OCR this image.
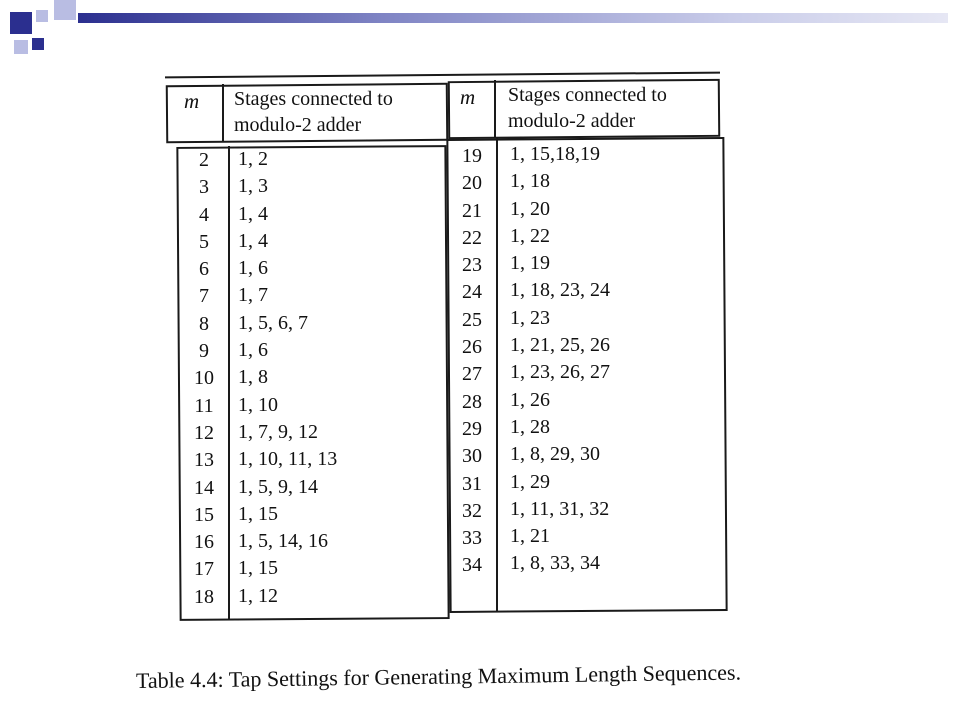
m Stages connected to
modulo-2 adder
m Stages connected to
modulo-2 adder
2
3
4
5
6
7
8
9
10
11
12
13
14
15
16
17
18
1, 2
1, 3
1, 4
1, 4
1, 6
1, 7
1, 5, 6, 7
1, 6
1, 8
1, 10
1, 7, 9, 12
1, 10, 11, 13
1, 5, 9, 14
1, 15
1, 5, 14, 16
1, 15
1, 12
19
20
21
22
23
24
25
26
27
28
29
30
31
32
33
34
1, 15,18,19
1, 18
1, 20
1, 22
1, 19
1, 18, 23, 24
1, 23
1, 21, 25, 26
1, 23, 26, 27
1, 26
1, 28
1, 8, 29, 30
1, 29
1, 11, 31, 32
1, 21
1, 8, 33, 34
Table 4.4: Tap Settings for Generating Maximum Length Sequences.
